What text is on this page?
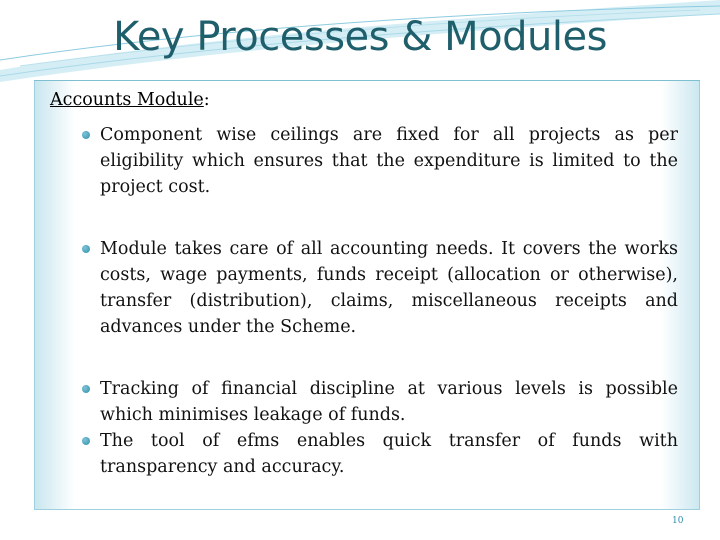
Key Processes & Modules
Accounts Module:
Component wise ceilings are fixed for all projects as per eligibility which ensures that the expenditure is limited to the project cost.
Module takes care of all accounting needs. It covers the works costs, wage payments, funds receipt (allocation or otherwise), transfer (distribution), claims, miscellaneous receipts and advances under the Scheme.
Tracking of financial discipline at various levels is possible which minimises leakage of funds.
The tool of efms enables quick transfer of funds with transparency and accuracy.
10
